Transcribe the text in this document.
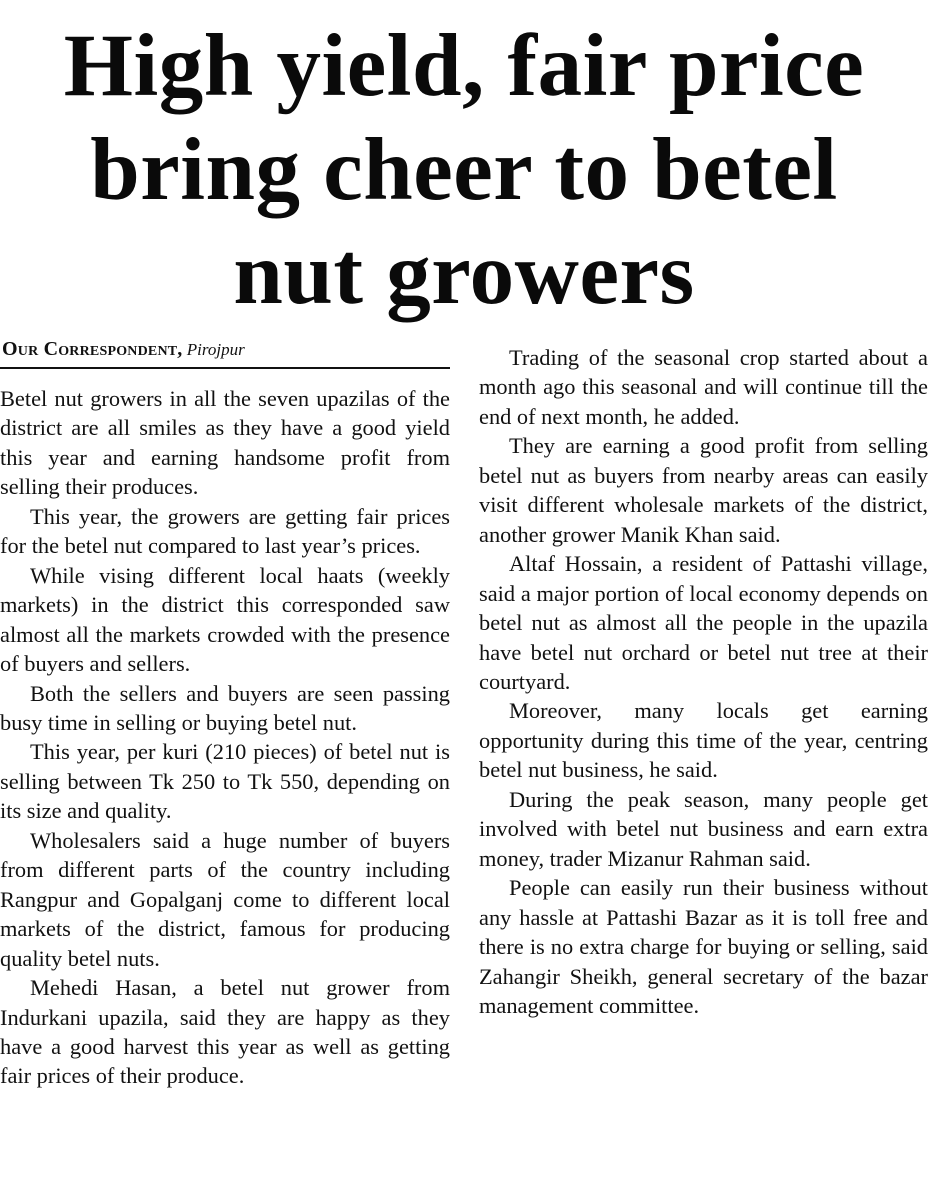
High yield, fair price
bring cheer to betel
nut growers
Our Correspondent, Pirojpur

Betel nut growers in all the seven upazilas of the district are all smiles as they have a good yield this year and earning handsome profit from selling their produces.

This year, the growers are getting fair prices for the betel nut compared to last year’s prices.

While vising different local haats (weekly markets) in the district this corresponded saw almost all the markets crowded with the presence of buyers and sellers.

Both the sellers and buyers are seen passing busy time in selling or buying betel nut.

This year, per kuri (210 pieces) of betel nut is selling between Tk 250 to Tk 550, depending on its size and quality.

Wholesalers said a huge number of buyers from different parts of the country including Rangpur and Gopalganj come to different local markets of the district, famous for producing quality betel nuts.

Mehedi Hasan, a betel nut grower from Indurkani upazila, said they are happy as they have a good harvest this year as well as getting fair prices of their produce.

Trading of the seasonal crop started about a month ago this seasonal and will continue till the end of next month, he added.

They are earning a good profit from selling betel nut as buyers from nearby areas can easily visit different wholesale markets of the district, another grower Manik Khan said.

Altaf Hossain, a resident of Pattashi village, said a major portion of local economy depends on betel nut as almost all the people in the upazila have betel nut orchard or betel nut tree at their courtyard.

Moreover, many locals get earning opportunity during this time of the year, centring betel nut business, he said.

During the peak season, many people get involved with betel nut business and earn extra money, trader Mizanur Rahman said.

People can easily run their business without any hassle at Pattashi Bazar as it is toll free and there is no extra charge for buying or selling, said Zahangir Sheikh, general secretary of the bazar management committee.
